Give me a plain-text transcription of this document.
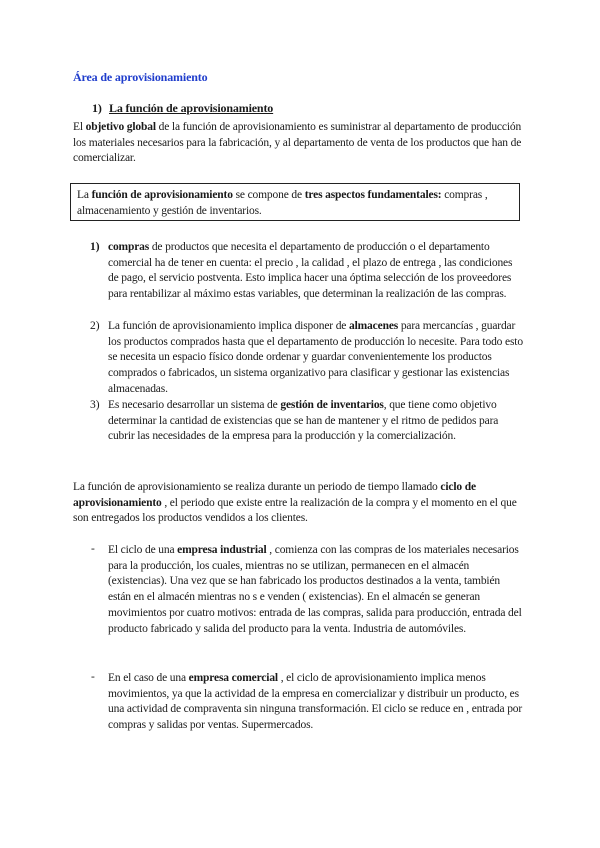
Área de aprovisionamiento

1) La función de aprovisionamiento

El objetivo global de la función de aprovisionamiento es suministrar al departamento de producción los materiales necesarios para la fabricación, y al departamento de venta de los productos que han de comercializar.

La función de aprovisionamiento se compone de tres aspectos fundamentales: compras , almacenamiento y gestión de inventarios.
1) compras de productos que necesita el departamento de producción o el departamento comercial ha de tener en cuenta: el precio , la calidad , el plazo de entrega , las condiciones de pago, el servicio postventa. Esto implica hacer una óptima selección de los proveedores para rentabilizar al máximo estas variables, que determinan la realización de las compras.

2) La función de aprovisionamiento implica disponer de almacenes para mercancías , guardar los productos comprados hasta que el departamento de producción lo necesite. Para todo esto se necesita un espacio físico donde ordenar y guardar convenientemente los productos comprados o fabricados, un sistema organizativo para clasificar y gestionar las existencias almacenadas.

3) Es necesario desarrollar un sistema de gestión de inventarios, que tiene como objetivo determinar la cantidad de existencias que se han de mantener y el ritmo de pedidos para cubrir las necesidades de la empresa para la producción y la comercialización.

La función de aprovisionamiento se realiza durante un periodo de tiempo llamado ciclo de aprovisionamiento , el periodo que existe entre la realización de la compra y el momento en el que son entregados los productos vendidos a los clientes.

- El ciclo de una empresa industrial , comienza con las compras de los materiales necesarios para la producción, los cuales, mientras no se utilizan, permanecen en el almacén (existencias). Una vez que se han fabricado los productos destinados a la venta, también están en el almacén mientras no s e venden ( existencias). En el almacén se generan movimientos por cuatro motivos: entrada de las compras, salida para producción, entrada del producto fabricado y salida del producto para la venta. Industria de automóviles.

- En el caso de una empresa comercial , el ciclo de aprovisionamiento implica menos movimientos, ya que la actividad de la empresa en comercializar y distribuir un producto, es una actividad de compraventa sin ninguna transformación. El ciclo se reduce en , entrada por compras y salidas por ventas. Supermercados.
